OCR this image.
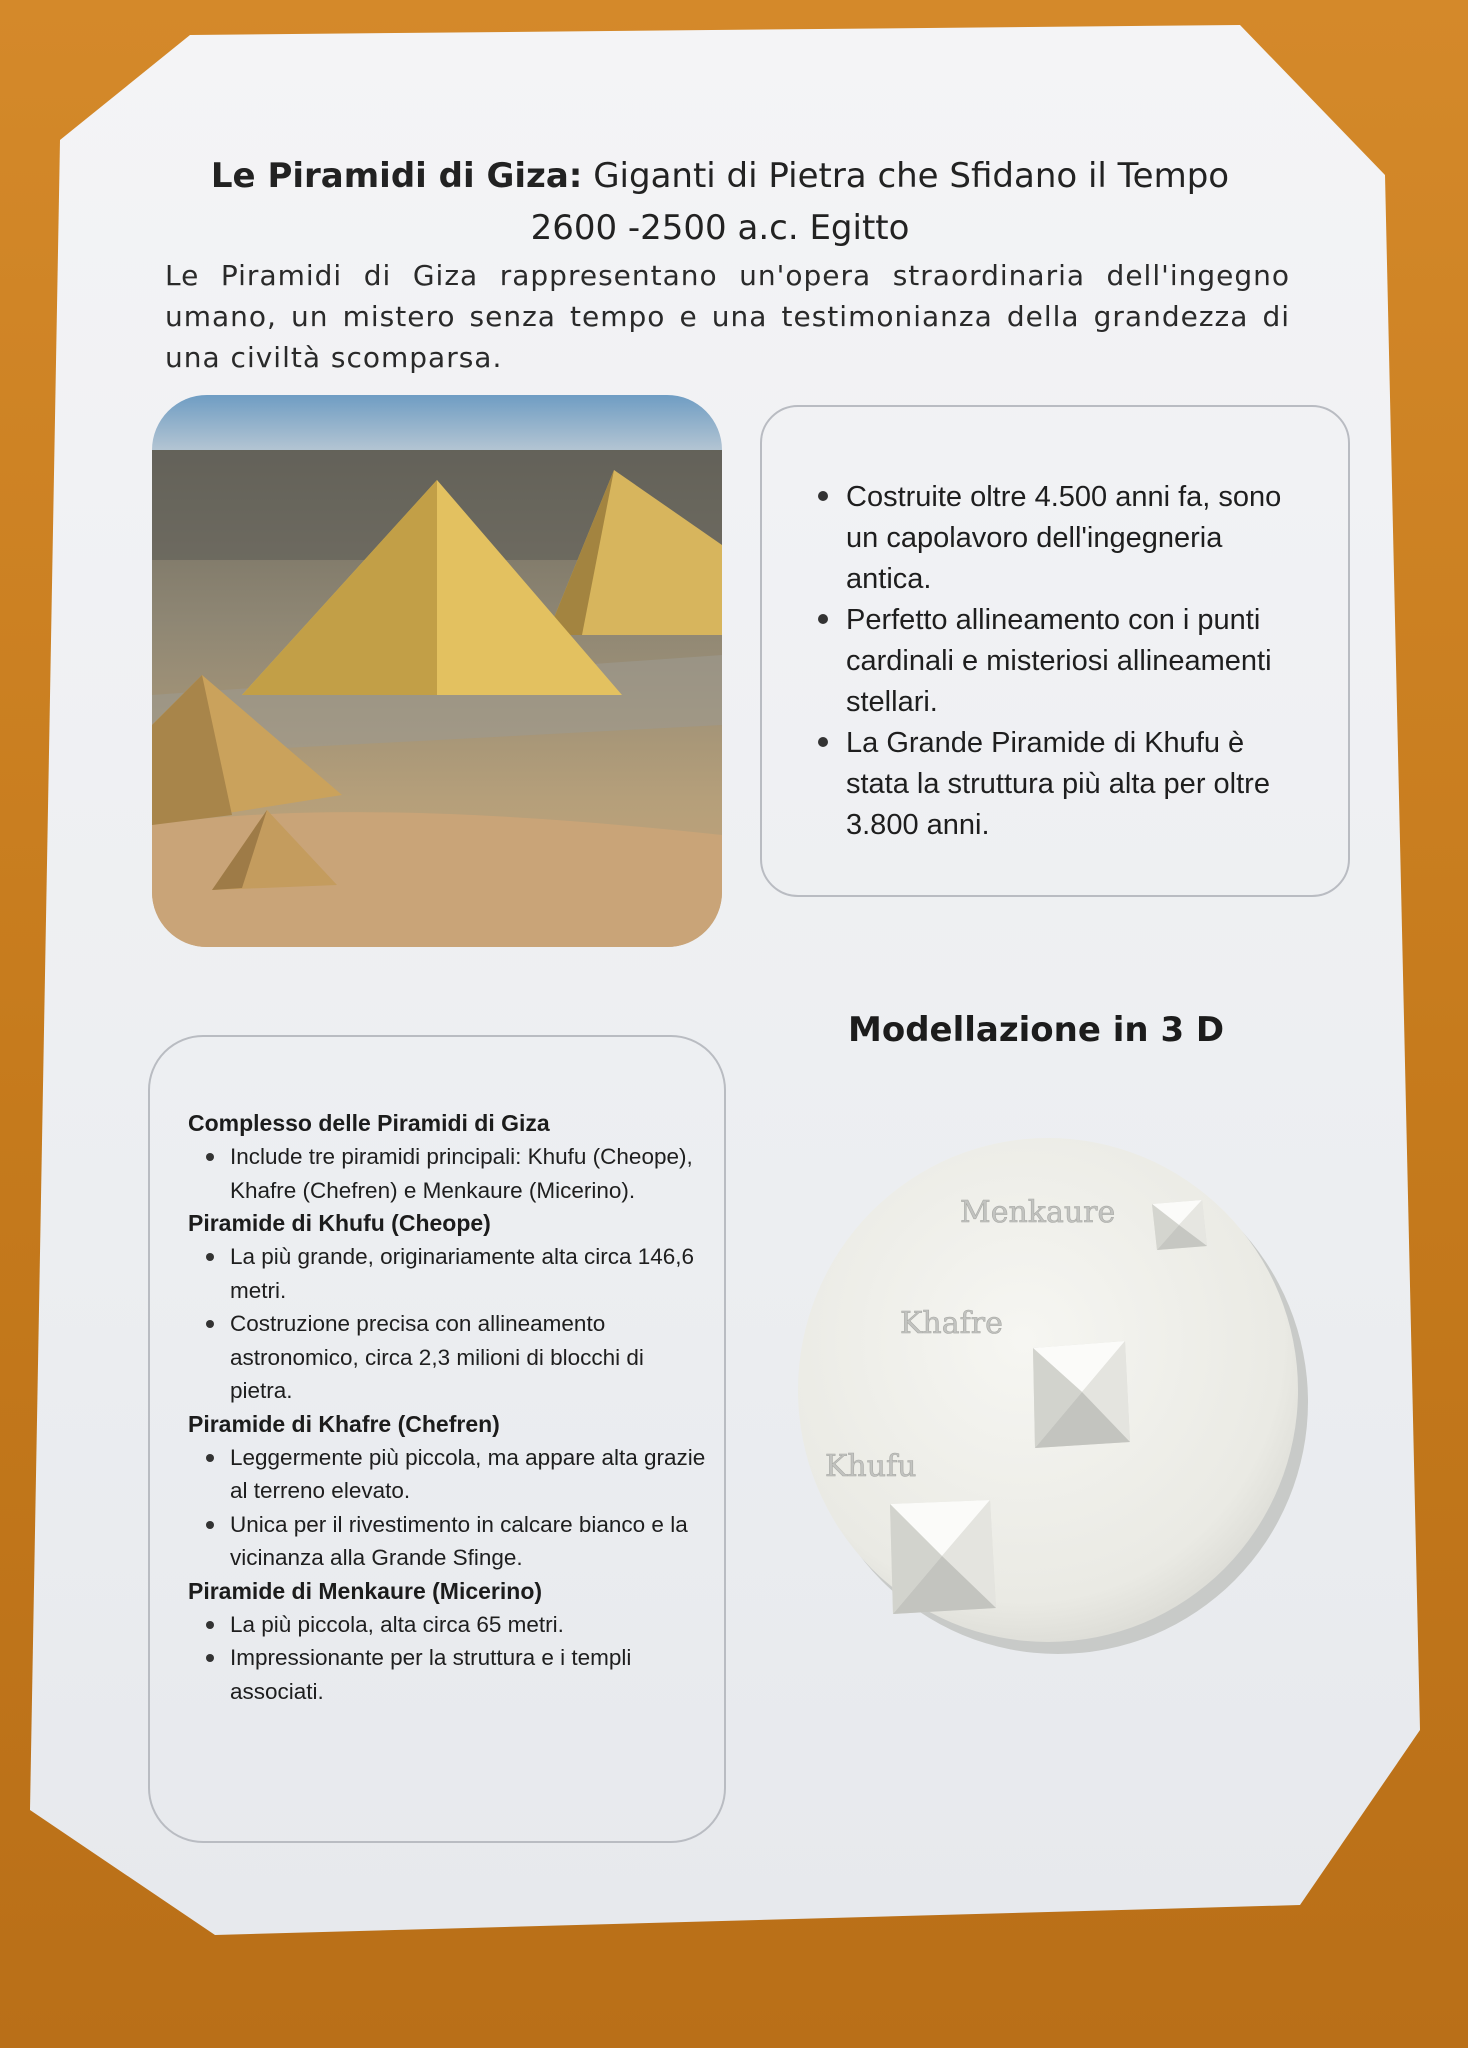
Le Piramidi di Giza: Giganti di Pietra che Sfidano il Tempo
2600 -2500 a.c. Egitto
Le Piramidi di Giza rappresentano un'opera straordinaria dell'ingegno umano, un mistero senza tempo e una testimonianza della grandezza di una civiltà scomparsa.
Costruite oltre 4.500 anni fa, sono un capolavoro dell'ingegneria antica.
Perfetto allineamento con i punti cardinali e misteriosi allineamenti stellari.
La Grande Piramide di Khufu è stata la struttura più alta per oltre 3.800 anni.
Modellazione in 3 D
Complesso delle Piramidi di Giza
Include tre piramidi principali: Khufu (Cheope), Khafre (Chefren) e Menkaure (Micerino).
Piramide di Khufu (Cheope)
La più grande, originariamente alta circa 146,6 metri.
Costruzione precisa con allineamento astronomico, circa 2,3 milioni di blocchi di pietra.
Piramide di Khafre (Chefren)
Leggermente più piccola, ma appare alta grazie al terreno elevato.
Unica per il rivestimento in calcare bianco e la vicinanza alla Grande Sfinge.
Piramide di Menkaure (Micerino)
La più piccola, alta circa 65 metri.
Impressionante per la struttura e i templi associati.
Menkaure
Khafre
Khufu
